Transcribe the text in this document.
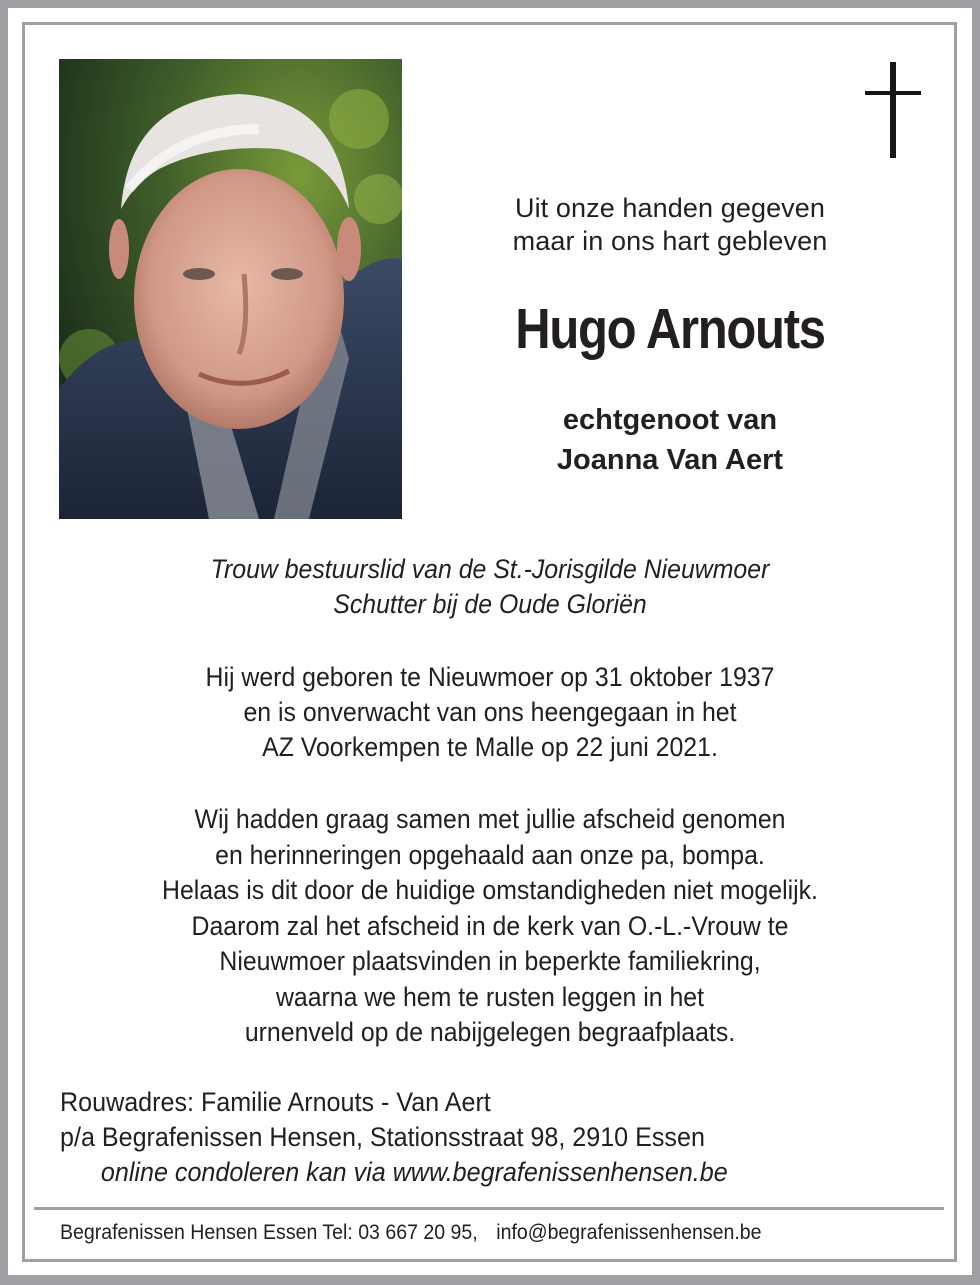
Uit onze handen gegeven
maar in ons hart gebleven
Hugo Arnouts
echtgenoot van
Joanna Van Aert
Trouw bestuurslid van de St.-Jorisgilde Nieuwmoer
Schutter bij de Oude Gloriën
Hij werd geboren te Nieuwmoer op 31 oktober 1937
en is onverwacht van ons heengegaan in het
AZ Voorkempen te Malle op 22 juni 2021.
Wij hadden graag samen met jullie afscheid genomen
en herinneringen opgehaald aan onze pa, bompa.
Helaas is dit door de huidige omstandigheden niet mogelijk.
Daarom zal het afscheid in de kerk van O.-L.-Vrouw te
Nieuwmoer plaatsvinden in beperkte familiekring,
waarna we hem te rusten leggen in het
urnenveld op de nabijgelegen begraafplaats.
Rouwadres: Familie Arnouts - Van Aert
p/a Begrafenissen Hensen, Stationsstraat 98, 2910 Essen
online condoleren kan via www.begrafenissenhensen.be
Begrafenissen Hensen Essen Tel: 03 667 20 95, info@begrafenissenhensen.be
